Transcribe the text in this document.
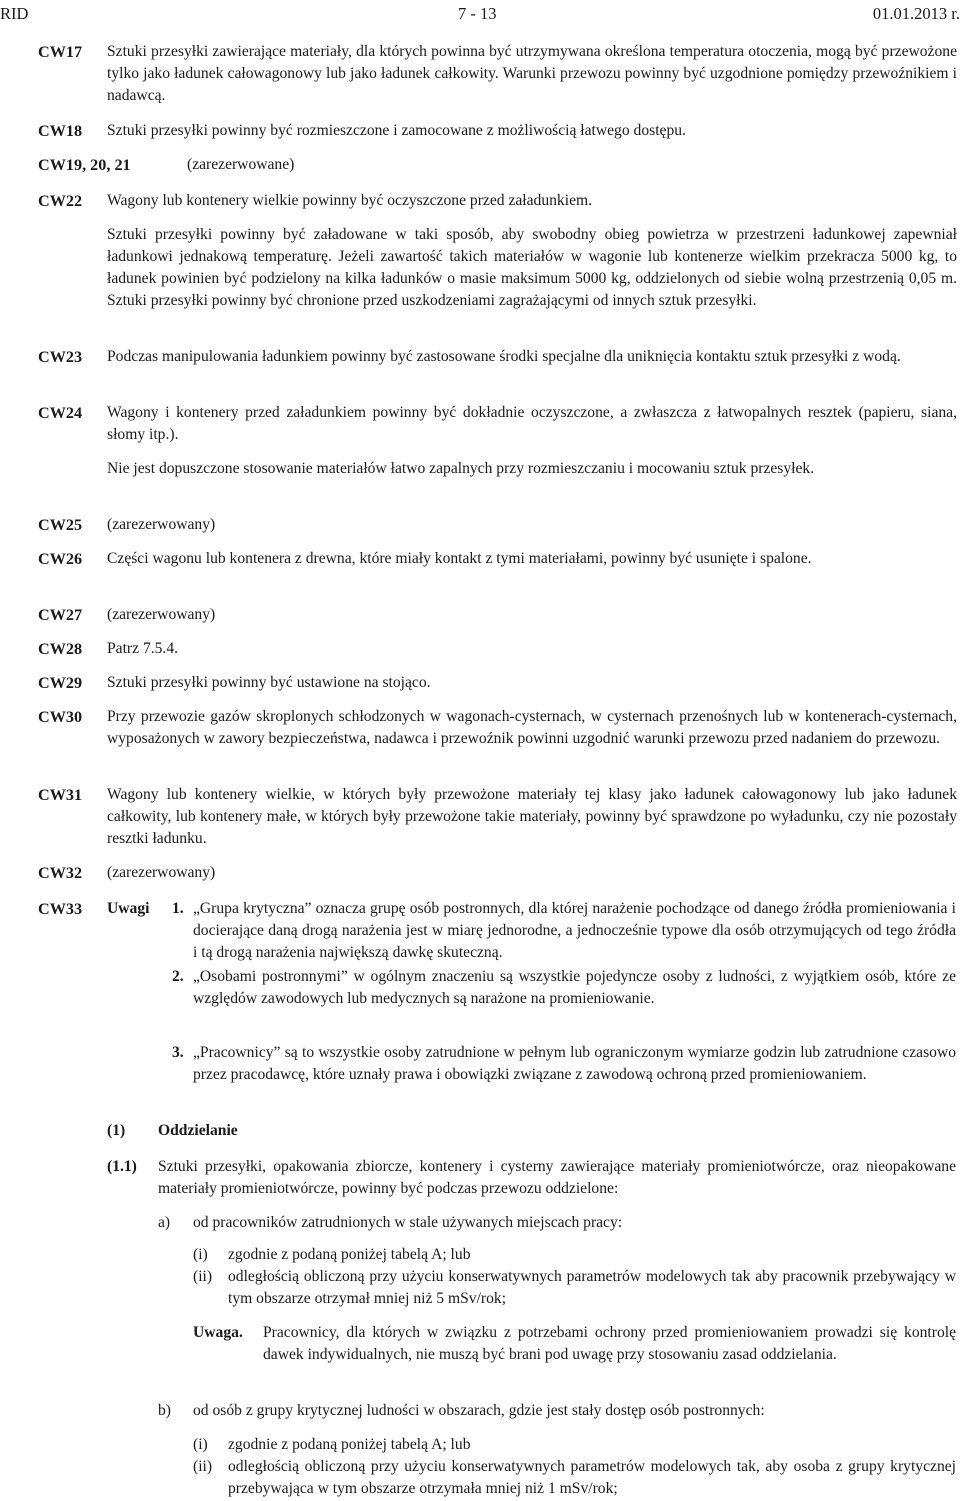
RID	7 - 13	01.01.2013 r.
CW17 Sztuki przesyłki zawierające materiały, dla których powinna być utrzymywana określona temperatura otoczenia, mogą być przewożone tylko jako ładunek całowagonowy lub jako ładunek całkowity. Warunki przewozu powinny być uzgodnione pomiędzy przewoźnikiem i nadawcą.
CW18 Sztuki przesyłki powinny być rozmieszczone i zamocowane z możliwością łatwego dostępu.
CW19, 20, 21	(zarezerwowane)
CW22 Wagony lub kontenery wielkie powinny być oczyszczone przed załadunkiem.
Sztuki przesyłki powinny być załadowane w taki sposób, aby swobodny obieg powietrza w przestrzeni ładunkowej zapewniał ładunkowi jednakową temperaturę. Jeżeli zawartość takich materiałów w wagonie lub kontenerze wielkim przekracza 5000 kg, to ładunek powinien być podzielony na kilka ładunków o masie maksimum 5000 kg, oddzielonych od siebie wolną przestrzenią 0,05 m. Sztuki przesyłki powinny być chronione przed uszkodzeniami zagrażającymi od innych sztuk przesyłki.
CW23 Podczas manipulowania ładunkiem powinny być zastosowane środki specjalne dla uniknięcia kontaktu sztuk przesyłki z wodą.
CW24 Wagony i kontenery przed załadunkiem powinny być dokładnie oczyszczone, a zwłaszcza z łatwopalnych resztek (papieru, siana, słomy itp.).
Nie jest dopuszczone stosowanie materiałów łatwo zapalnych przy rozmieszczaniu i mocowaniu sztuk przesyłek.
CW25 (zarezerwowany)
CW26 Części wagonu lub kontenera z drewna, które miały kontakt z tymi materiałami, powinny być usunięte i spalone.
CW27 (zarezerwowany)
CW28 Patrz 7.5.4.
CW29 Sztuki przesyłki powinny być ustawione na stojąco.
CW30 Przy przewozie gazów skroplonych schłodzonych w wagonach-cysternach, w cysternach przenośnych lub w kontenerach-cysternach, wyposażonych w zawory bezpieczeństwa, nadawca i przewoźnik powinni uzgodnić warunki przewozu przed nadaniem do przewozu.
CW31 Wagony lub kontenery wielkie, w których były przewożone materiały tej klasy jako ładunek całowagonowy lub jako ładunek całkowity, lub kontenery małe, w których były przewożone takie materiały, powinny być sprawdzone po wyładunku, czy nie pozostały resztki ładunku.
CW32 (zarezerwowany)
CW33 Uwagi 1. „Grupa krytyczna” oznacza grupę osób postronnych, dla której narażenie pochodzące od danego źródła promieniowania i docierające daną drogą narażenia jest w miarę jednorodne, a jednocześnie typowe dla osób otrzymujących od tego źródła i tą drogą narażenia największą dawkę skuteczną.
2. „Osobami postronnymi” w ogólnym znaczeniu są wszystkie pojedyncze osoby z ludności, z wyjątkiem osób, które ze względów zawodowych lub medycznych są narażone na promieniowanie.
3. „Pracownicy” są to wszystkie osoby zatrudnione w pełnym lub ograniczonym wymiarze godzin lub zatrudnione czasowo przez pracodawcę, które uznały prawa i obowiązki związane z zawodową ochroną przed promieniowaniem.
(1) Oddzielanie
(1.1) Sztuki przesyłki, opakowania zbiorcze, kontenery i cysterny zawierające materiały promieniotwórcze, oraz nieopakowane materiały promieniotwórcze, powinny być podczas przewozu oddzielone:
a) od pracowników zatrudnionych w stale używanych miejscach pracy:
(i) zgodnie z podaną poniżej tabelą A; lub
(ii) odległością obliczoną przy użyciu konserwatywnych parametrów modelowych tak aby pracownik przebywający w tym obszarze otrzymał mniej niż 5 mSv/rok;
Uwaga. Pracownicy, dla których w związku z potrzebami ochrony przed promieniowaniem prowadzi się kontrolę dawek indywidualnych, nie muszą być brani pod uwagę przy stosowaniu zasad oddzielania.
b) od osób z grupy krytycznej ludności w obszarach, gdzie jest stały dostęp osób postronnych:
(i) zgodnie z podaną poniżej tabelą A; lub
(ii) odległością obliczoną przy użyciu konserwatywnych parametrów modelowych tak, aby osoba z grupy krytycznej przebywająca w tym obszarze otrzymała mniej niż 1 mSv/rok;
